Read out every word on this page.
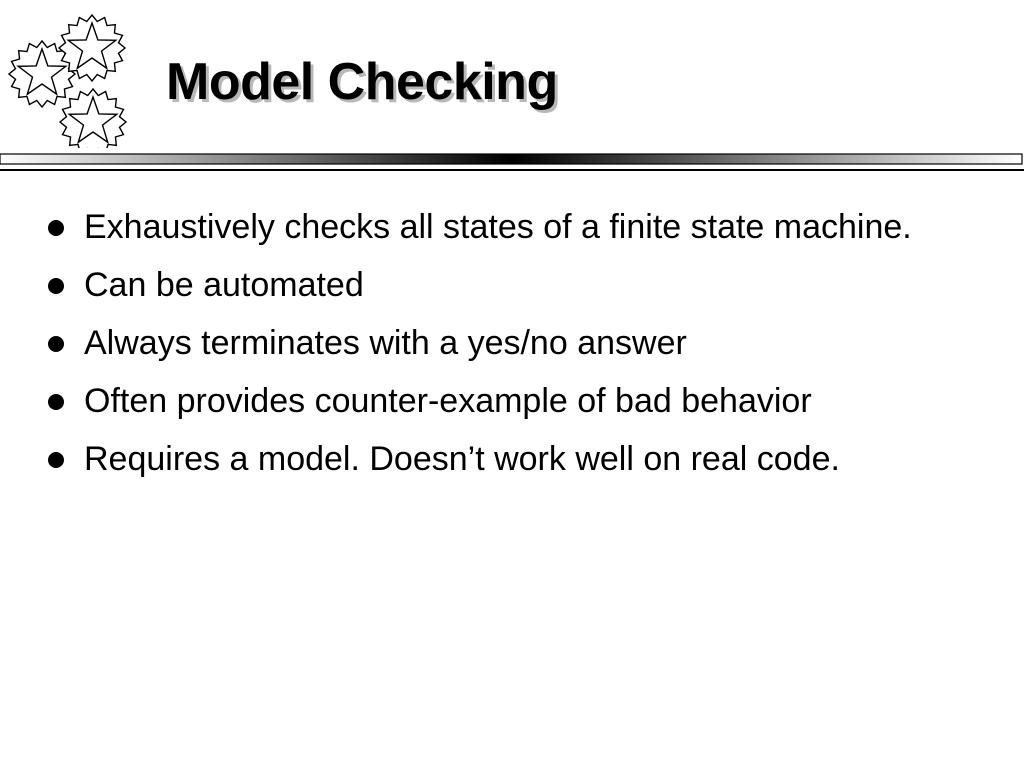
Model Checking
Exhaustively checks all states of a finite state machine.
Can be automated
Always terminates with a yes/no answer
Often provides counter-example of bad behavior
Requires a model. Doesn’t work well on real code.
